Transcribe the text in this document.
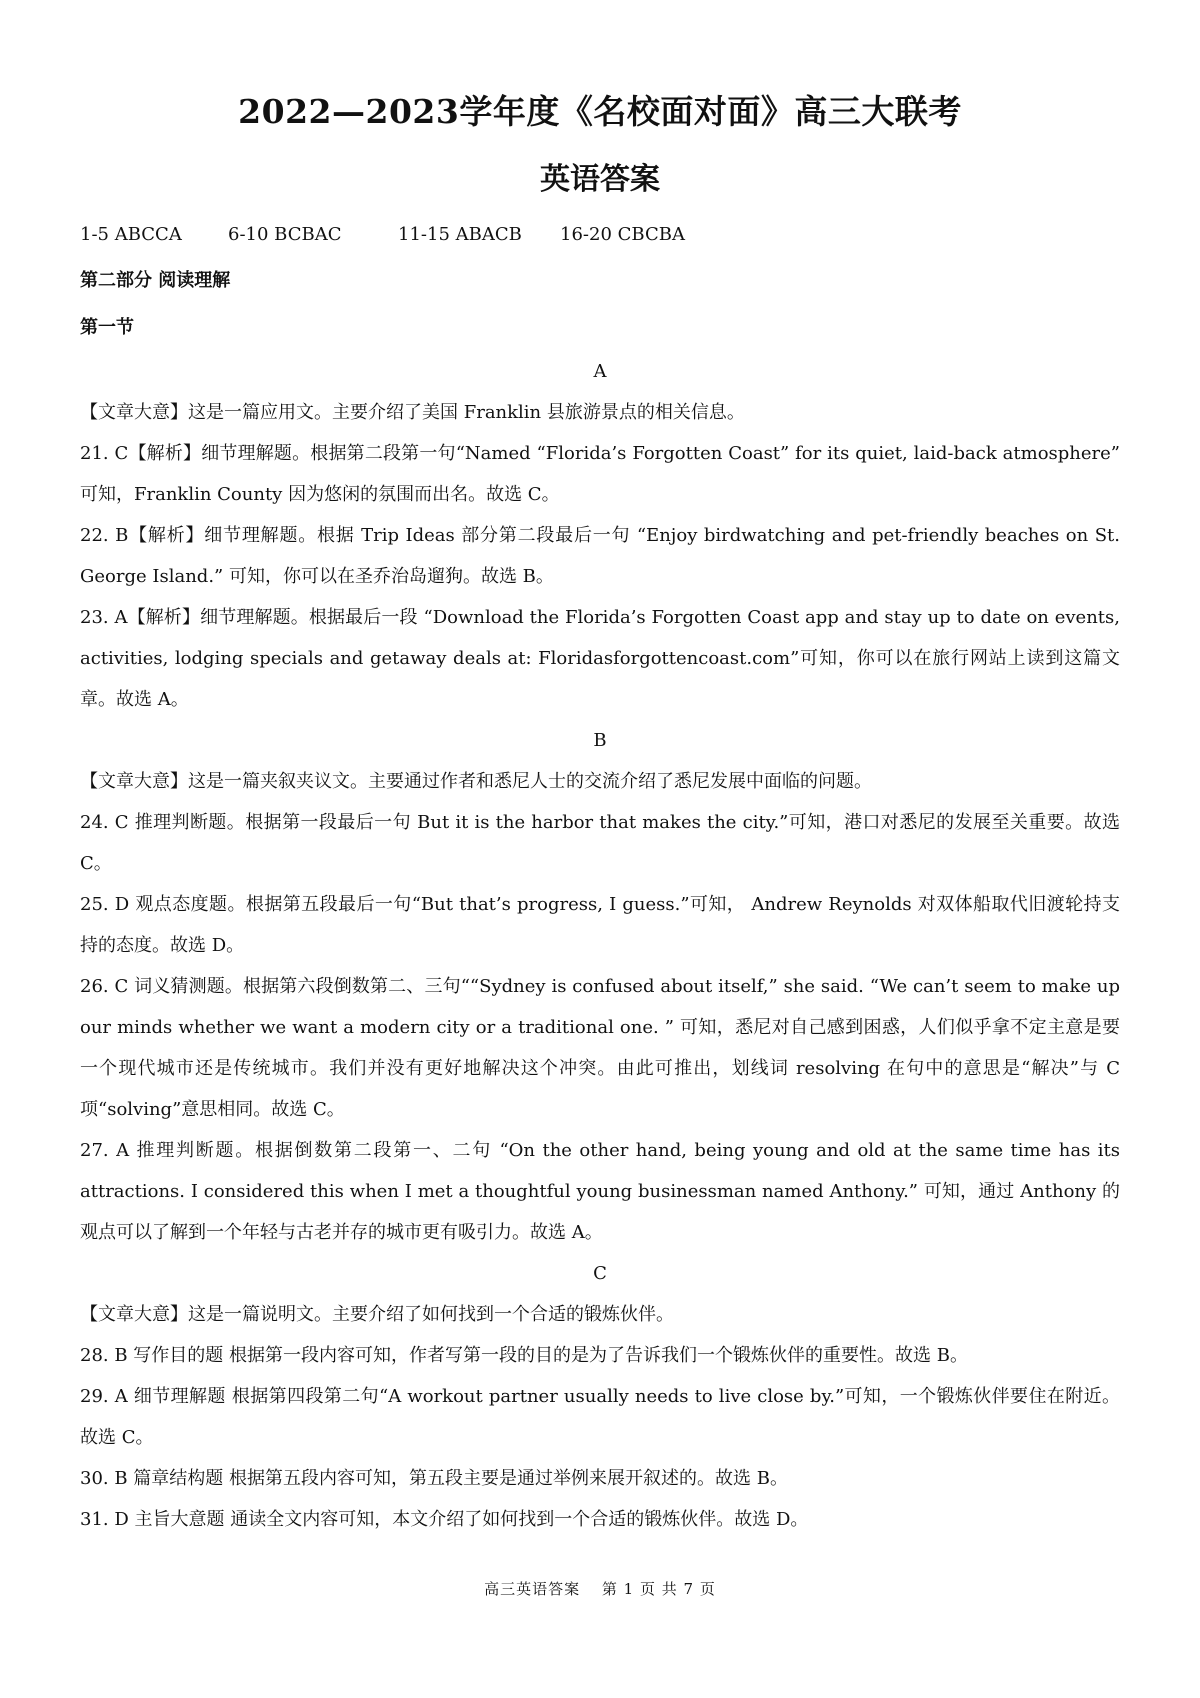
2022—2023学年度《名校面对面》高三大联考
英语答案
1-5 ABCCA	6-10 BCBAC	11-15 ABACB	16-20 CBCBA
第二部分 阅读理解
第一节
A

【文章大意】这是一篇应用文。主要介绍了美国 Franklin 县旅游景点的相关信息。

21. C【解析】细节理解题。根据第二段第一句“Named “Florida’s Forgotten Coast” for its quiet, laid-back atmosphere” 可知，Franklin County 因为悠闲的氛围而出名。故选 C。

22. B【解析】细节理解题。根据 Trip Ideas 部分第二段最后一句 “Enjoy birdwatching and pet-friendly beaches on St. George Island.” 可知，你可以在圣乔治岛遛狗。故选 B。

23. A【解析】细节理解题。根据最后一段 “Download the Florida’s Forgotten Coast app and stay up to date on events, activities, lodging specials and getaway deals at: Floridasforgottencoast.com”可知，你可以在旅行网站上读到这篇文章。故选 A。

B

【文章大意】这是一篇夹叙夹议文。主要通过作者和悉尼人士的交流介绍了悉尼发展中面临的问题。

24. C 推理判断题。根据第一段最后一句 But it is the harbor that makes the city.”可知，港口对悉尼的发展至关重要。故选 C。

25. D 观点态度题。根据第五段最后一句“But that’s progress, I guess.”可知， Andrew Reynolds 对双体船取代旧渡轮持支持的态度。故选 D。

26. C 词义猜测题。根据第六段倒数第二、三句““Sydney is confused about itself,” she said. “We can’t seem to make up our minds whether we want a modern city or a traditional one. ” 可知，悉尼对自己感到困惑，人们似乎拿不定主意是要一个现代城市还是传统城市。我们并没有更好地解决这个冲突。由此可推出，划线词 resolving 在句中的意思是“解决”与 C 项“solving”意思相同。故选 C。

27. A 推理判断题。根据倒数第二段第一、二句 “On the other hand, being young and old at the same time has its attractions. I considered this when I met a thoughtful young businessman named Anthony.” 可知，通过 Anthony 的观点可以了解到一个年轻与古老并存的城市更有吸引力。故选 A。

C

【文章大意】这是一篇说明文。主要介绍了如何找到一个合适的锻炼伙伴。

28. B 写作目的题 根据第一段内容可知，作者写第一段的目的是为了告诉我们一个锻炼伙伴的重要性。故选 B。

29. A 细节理解题 根据第四段第二句“A workout partner usually needs to live close by.”可知，一个锻炼伙伴要住在附近。故选 C。

30. B 篇章结构题 根据第五段内容可知，第五段主要是通过举例来展开叙述的。故选 B。

31. D 主旨大意题 通读全文内容可知，本文介绍了如何找到一个合适的锻炼伙伴。故选 D。

高三英语答案　 第 1 页 共 7 页
